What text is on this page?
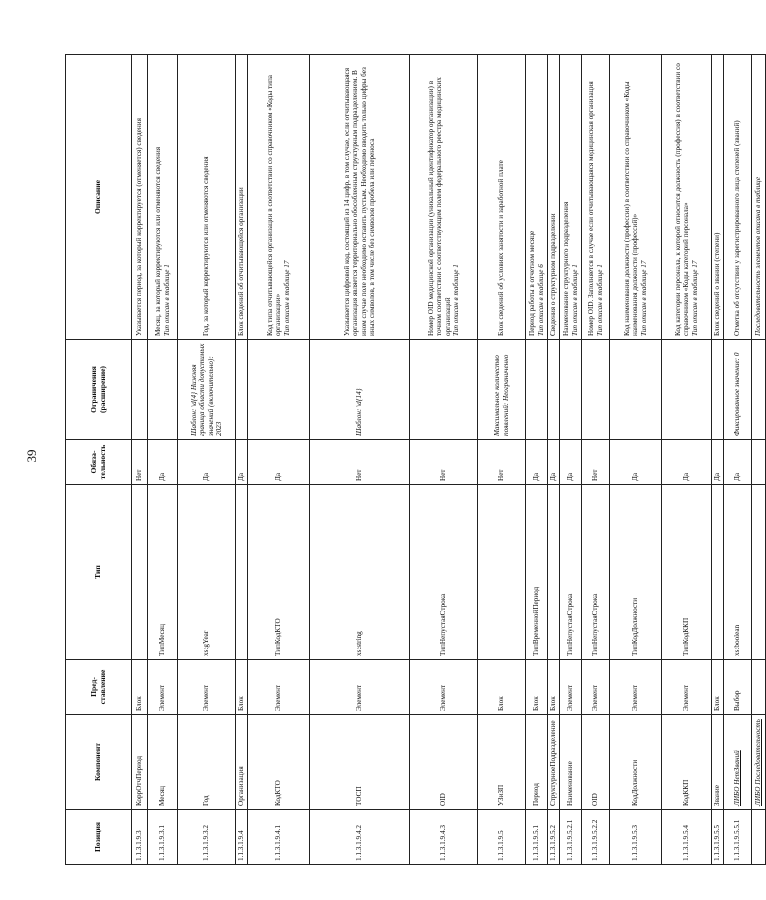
39
Позиция	Компонент	Пред- ставление	Тип	Обяза- тельность	Ограничения (расширение)	Описание
1.1.3.1.9.3	КоррОтчПериод	Блок		Нет		Указывается период, за который корректируется (отменяется) сведения
1.1.3.1.9.3.1	Месяц	Элемент	ТипМесяц	Да		Месяц, за который корректируются или отменяются сведения Тип описан в таблице 1

1.1.3.1.9.3.2	Год	Элемент	xs:gYear	Да	Шаблон: \d{4} Нижняя граница области допустимых значений (включительно): 2023	Год, за который корректируются или отменяются сведения
1.1.3.1.9.4	Организация	Блок		Да		Блок сведений об отчитывающейся организации
1.1.3.1.9.4.1	КодКТО	Элемент	ТипКодКТО	Да		Код типа отчитывающейся организации в соответствии со справочником «Коды типа организации» Тип описан в таблице 17

1.1.3.1.9.4.2	ТОСП	Элемент	xs:string	Нет	Шаблон: \d{14}	Указывается цифровой код, состоящий из 14 цифр, в том случае, если отчитывающаяся организация является территориально обособленным структурным подразделением. В ином случае поле необходимо оставить пустым. Необходимо вводить только цифры без иных символов, в том числе без символов пробела или переноса
1.1.3.1.9.4.3	OID	Элемент	ТипНепустаяСтрока	Нет		Номер OID медицинской организации (уникальный идентификатор организации) в точном соответствии с соответствующим полем федерального реестра медицинских организаций Тип описан в таблице 1

1.1.3.1.9.5	УЗиЗП	Блок		Нет	Максимальное количество появлений: Неограниченно	Блок сведений об условиях занятости и заработной плате
1.1.3.1.9.5.1	Период	Блок	ТипВременнойПериод	Да		Период работы в отчетном месяце Тип описан в таблице 6

1.1.3.1.9.5.2	СтруктурноеПодразделение	Блок		Да		Сведения о структурном подразделении
1.1.3.1.9.5.2.1	Наименование	Элемент	ТипНепустаяСтрока	Да		Наименование структурного подразделения Тип описан в таблице 1

1.1.3.1.9.5.2.2	OID	Элемент	ТипНепустаяСтрока	Нет		Номер OID. Заполняется в случае если отчитывающаяся медицинская организация Тип описан в таблице 1

1.1.3.1.9.5.3	КодДолжности	Элемент	ТипКодДолжности	Да		Код наименования должности (профессии) в соответствии со справочником «Коды наименования должности (профессий)» Тип описан в таблице 17

1.1.3.1.9.5.4	КодККП	Элемент	ТипКодККП	Да		Код категории персонала, к которой относится должность (профессия) в соответствии со справочником «Коды категорий персонала» Тип описан в таблице 17

1.1.3.1.9.5.5	Звание	Блок		Да		Блок сведений о звании (степени)
1.1.3.1.9.5.5.1	ЛИБО НетЗваний	Выбор	xs:boolean	Да	Фиксированное значение: 0	Отметка об отсутствии у зарегистрированного лица степеней (званий)
	ЛИБО Последовательность					Последовательность элементов описана в таблице
